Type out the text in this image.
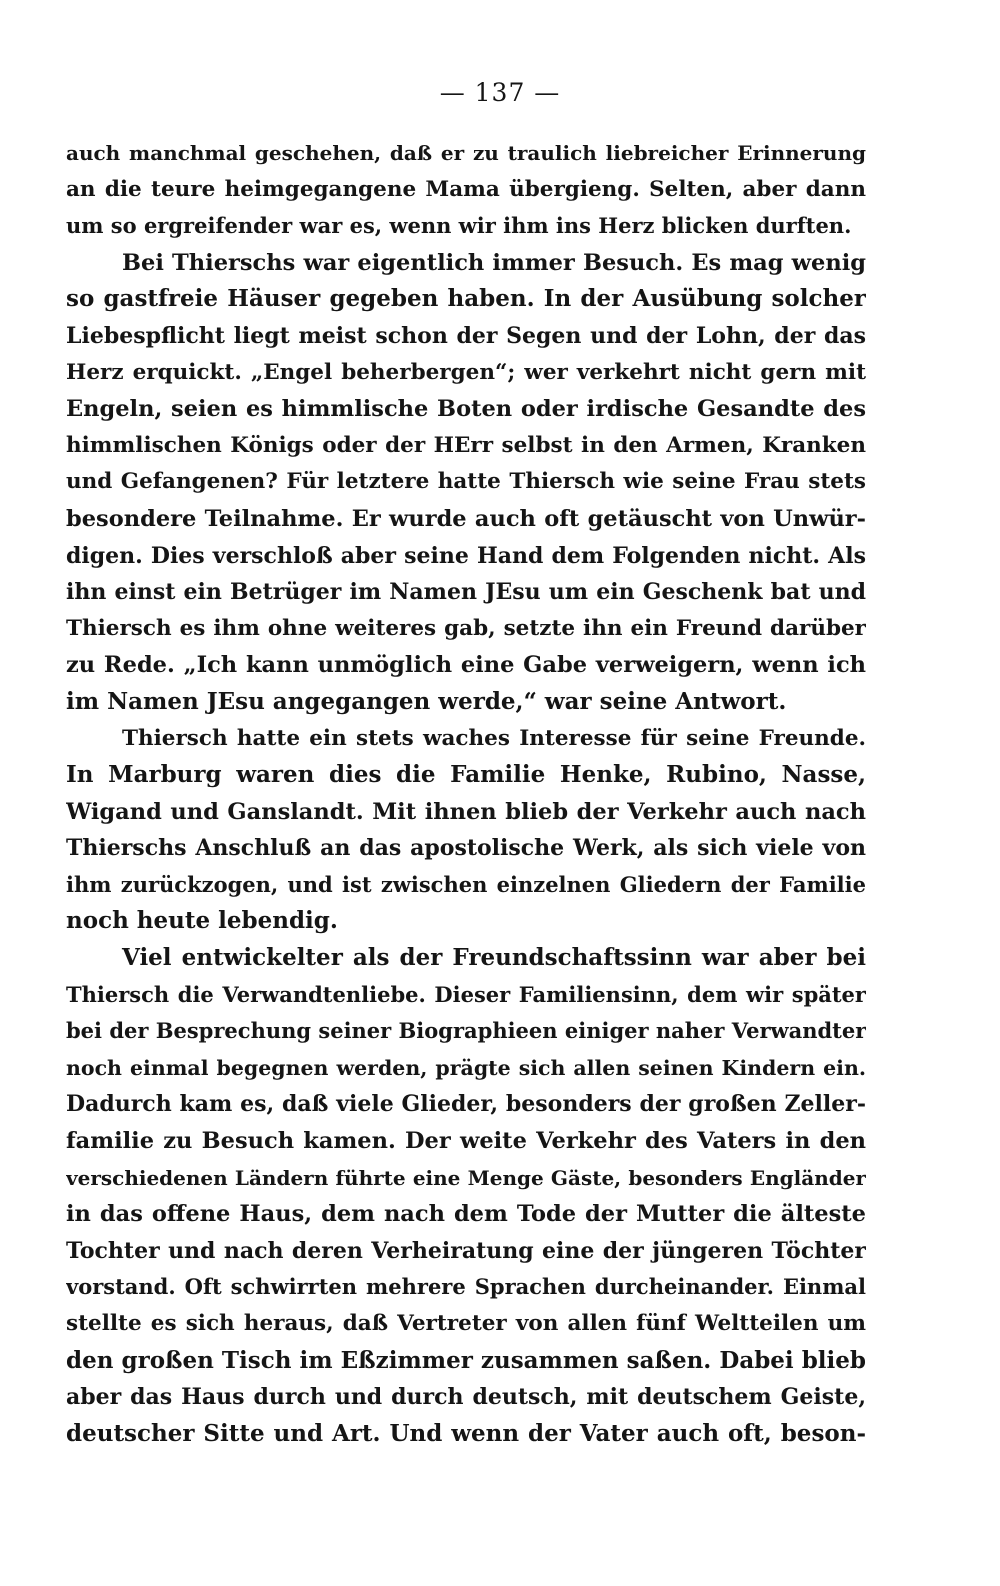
— 137 —
auch manchmal geschehen, daß er zu traulich liebreicher Erinnerung
an die teure heimgegangene Mama übergieng. Selten, aber dann
um so ergreifender war es, wenn wir ihm ins Herz blicken durften.
Bei Thierschs war eigentlich immer Besuch. Es mag wenig
so gastfreie Häuser gegeben haben. In der Ausübung solcher
Liebespflicht liegt meist schon der Segen und der Lohn, der das
Herz erquickt. „Engel beherbergen“; wer verkehrt nicht gern mit
Engeln, seien es himmlische Boten oder irdische Gesandte des
himmlischen Königs oder der HErr selbst in den Armen, Kranken
und Gefangenen? Für letztere hatte Thiersch wie seine Frau stets
besondere Teilnahme. Er wurde auch oft getäuscht von Unwür-
digen. Dies verschloß aber seine Hand dem Folgenden nicht. Als
ihn einst ein Betrüger im Namen JEsu um ein Geschenk bat und
Thiersch es ihm ohne weiteres gab, setzte ihn ein Freund darüber
zu Rede. „Ich kann unmöglich eine Gabe verweigern, wenn ich
im Namen JEsu angegangen werde,“ war seine Antwort.
Thiersch hatte ein stets waches Interesse für seine Freunde.
In Marburg waren dies die Familie Henke, Rubino, Nasse,
Wigand und Ganslandt. Mit ihnen blieb der Verkehr auch nach
Thierschs Anschluß an das apostolische Werk, als sich viele von
ihm zurückzogen, und ist zwischen einzelnen Gliedern der Familie
noch heute lebendig.
Viel entwickelter als der Freundschaftssinn war aber bei
Thiersch die Verwandtenliebe. Dieser Familiensinn, dem wir später
bei der Besprechung seiner Biographieen einiger naher Verwandter
noch einmal begegnen werden, prägte sich allen seinen Kindern ein.
Dadurch kam es, daß viele Glieder, besonders der großen Zeller-
familie zu Besuch kamen. Der weite Verkehr des Vaters in den
verschiedenen Ländern führte eine Menge Gäste, besonders Engländer
in das offene Haus, dem nach dem Tode der Mutter die älteste
Tochter und nach deren Verheiratung eine der jüngeren Töchter
vorstand. Oft schwirrten mehrere Sprachen durcheinander. Einmal
stellte es sich heraus, daß Vertreter von allen fünf Weltteilen um
den großen Tisch im Eßzimmer zusammen saßen. Dabei blieb
aber das Haus durch und durch deutsch, mit deutschem Geiste,
deutscher Sitte und Art. Und wenn der Vater auch oft, beson-
